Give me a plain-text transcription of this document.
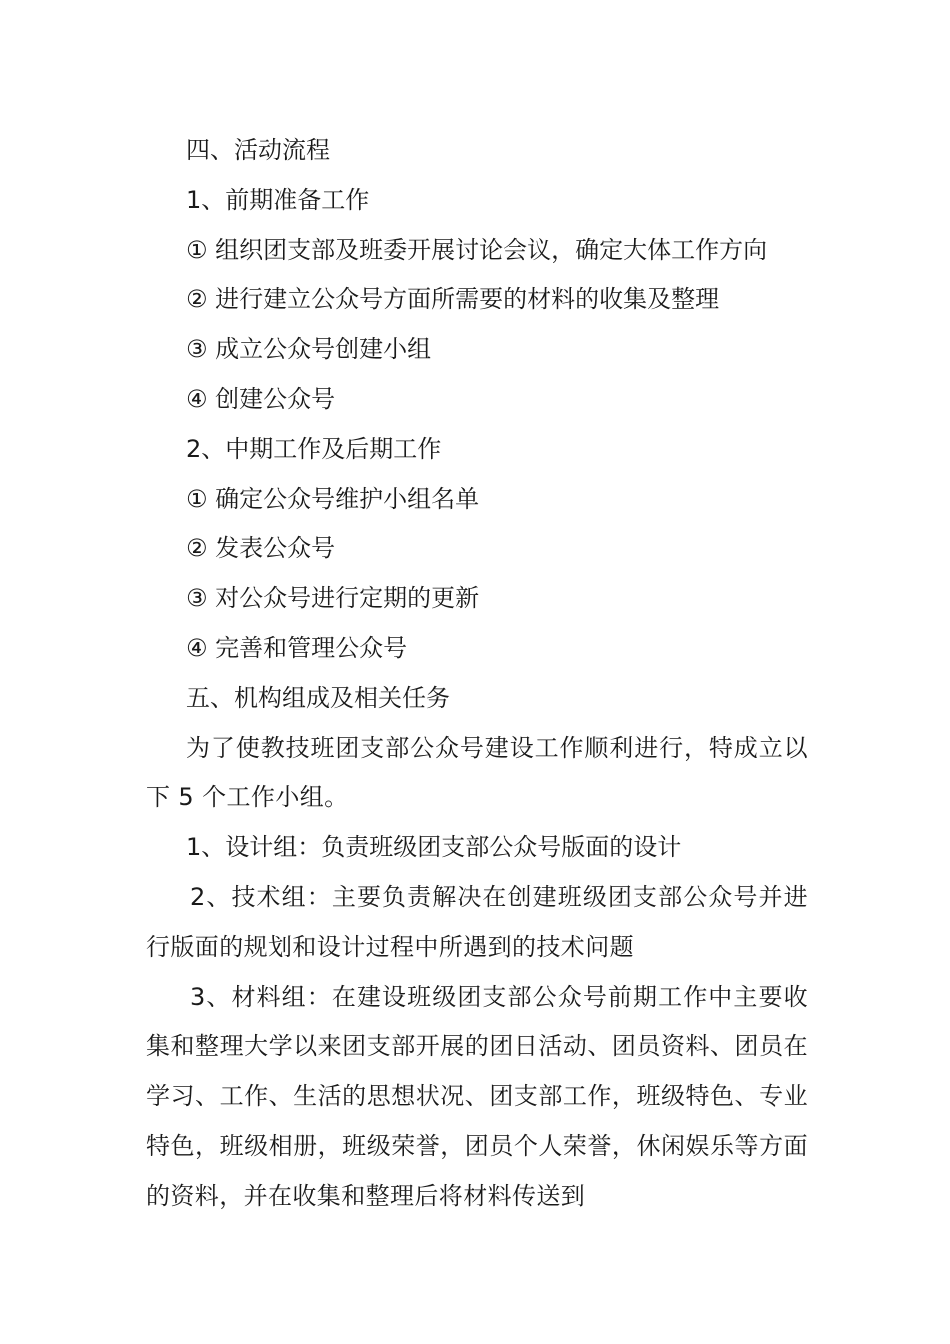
四、活动流程

1、前期准备工作

① 组织团支部及班委开展讨论会议，确定大体工作方向

② 进行建立公众号方面所需要的材料的收集及整理

③ 成立公众号创建小组

④ 创建公众号

2、中期工作及后期工作

① 确定公众号维护小组名单

② 发表公众号

③ 对公众号进行定期的更新

④ 完善和管理公众号

五、机构组成及相关任务

为了使教技班团支部公众号建设工作顺利进行，特成立以下 5 个工作小组。

1、设计组：负责班级团支部公众号版面的设计

2、技术组：主要负责解决在创建班级团支部公众号并进行版面的规划和设计过程中所遇到的技术问题

3、材料组：在建设班级团支部公众号前期工作中主要收集和整理大学以来团支部开展的团日活动、团员资料、团员在学习、工作、生活的思想状况、团支部工作，班级特色、专业特色，班级相册，班级荣誉，团员个人荣誉，休闲娱乐等方面的资料，并在收集和整理后将材料传送到
